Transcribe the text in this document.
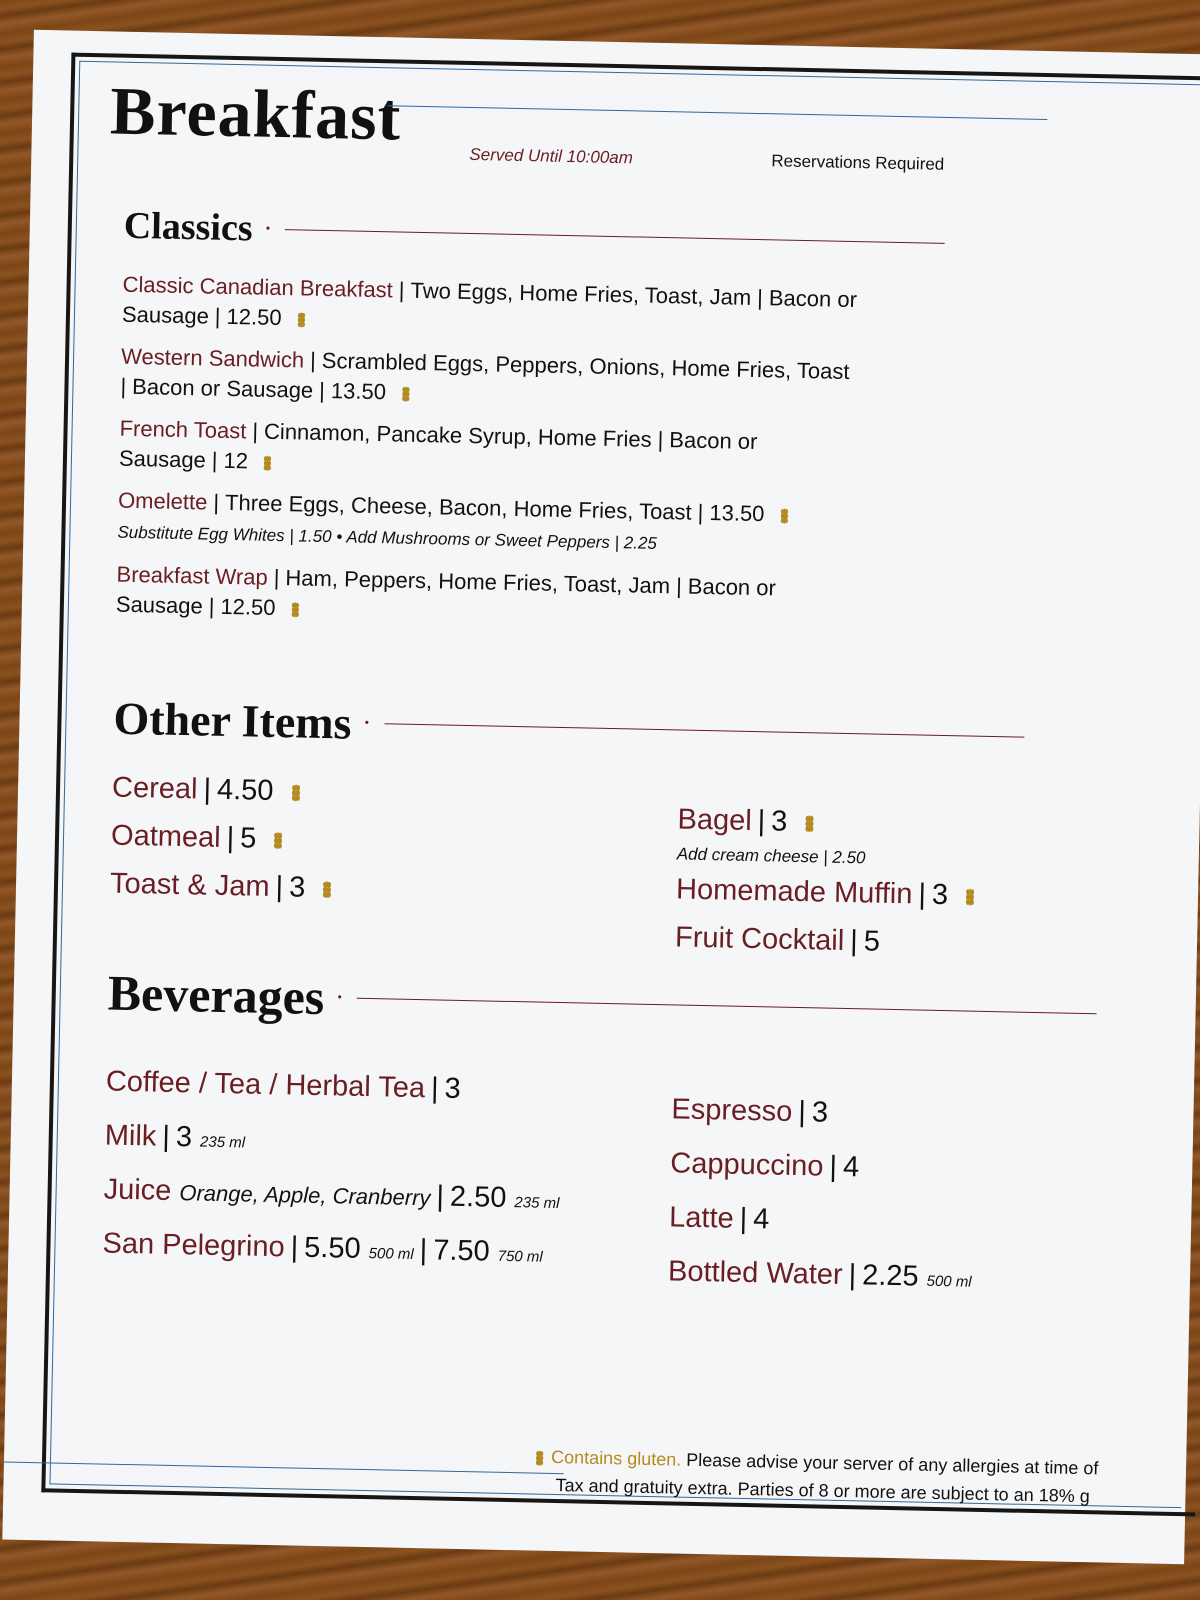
Breakfast
Served Until 10:00am	Reservations Required
Classics ·
Classic Canadian Breakfast | Two Eggs, Home Fries, Toast, Jam | Bacon or
Sausage | 12.50
Western Sandwich | Scrambled Eggs, Peppers, Onions, Home Fries, Toast
| Bacon or Sausage | 13.50
French Toast | Cinnamon, Pancake Syrup, Home Fries | Bacon or
Sausage | 12
Omelette | Three Eggs, Cheese, Bacon, Home Fries, Toast | 13.50
Substitute Egg Whites | 1.50 • Add Mushrooms or Sweet Peppers | 2.25
Breakfast Wrap | Ham, Peppers, Home Fries, Toast, Jam | Bacon or
Sausage | 12.50
Other Items ·
Cereal | 4.50
Oatmeal | 5
Toast & Jam | 3
Bagel | 3
Add cream cheese | 2.50
Homemade Muffin | 3
Fruit Cocktail | 5
Beverages ·
Coffee / Tea / Herbal Tea | 3
Milk | 3 235 ml
Juice Orange, Apple, Cranberry | 2.50 235 ml
San Pelegrino | 5.50 500 ml | 7.50 750 ml
Espresso | 3
Cappuccino | 4
Latte | 4
Bottled Water | 2.25 500 ml
Contains gluten. Please advise your server of any allergies at time of
Tax and gratuity extra. Parties of 8 or more are subject to an 18% g
